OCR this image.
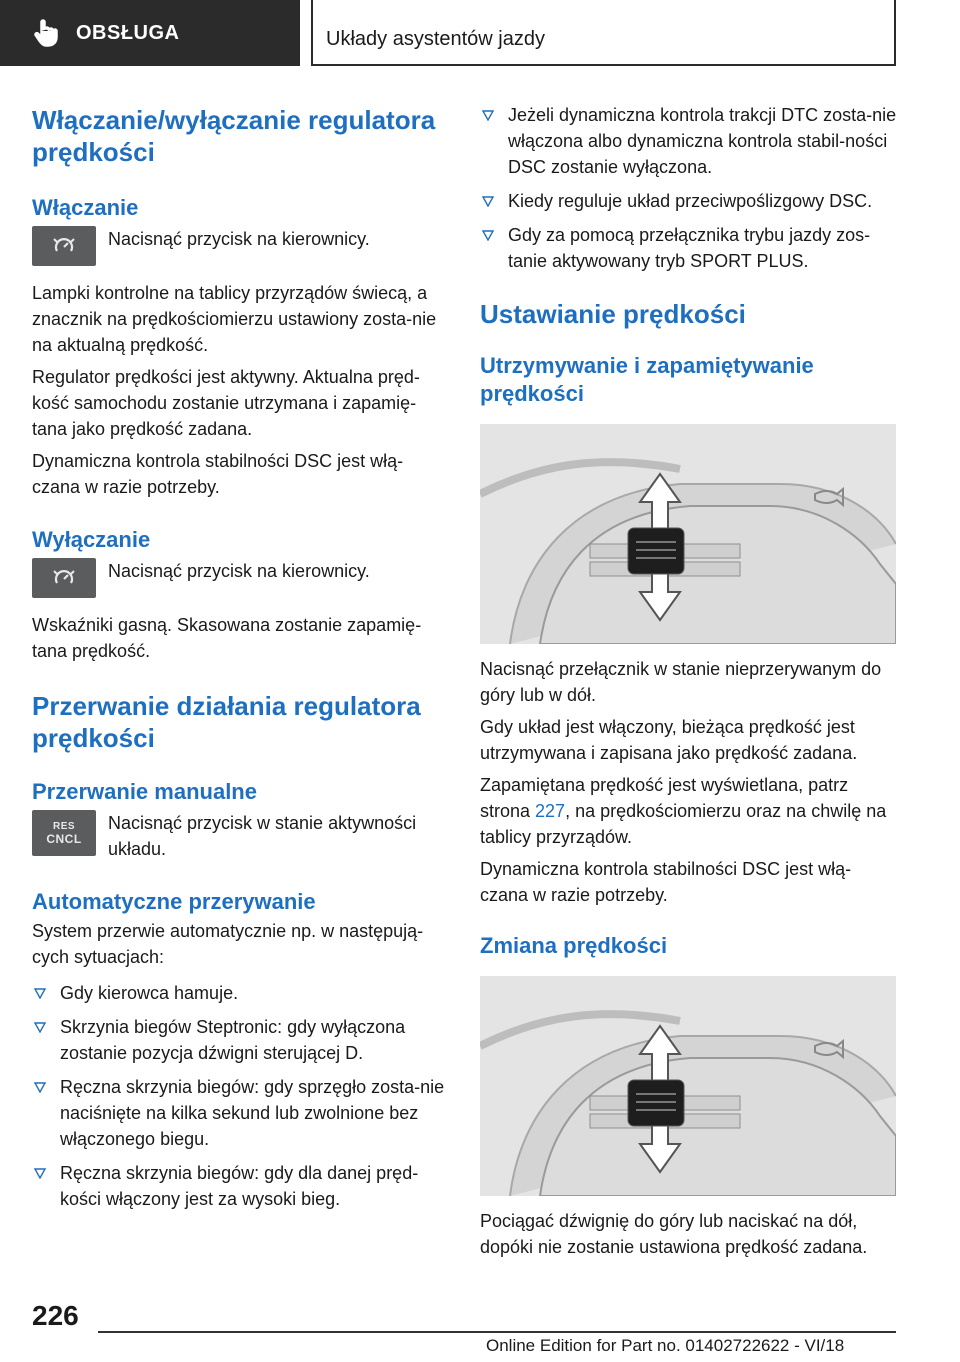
OBSŁUGA	Układy asystentów jazdy
Włączanie/wyłączanie regulatora prędkości
Włączanie

Nacisnąć przycisk na kierownicy.

Lampki kontrolne na tablicy przyrządów świecą, a znacznik na prędkościomierzu ustawiony zosta-nie na aktualną prędkość.

Regulator prędkości jest aktywny. Aktualna pręd-kość samochodu zostanie utrzymana i zapamię-tana jako prędkość zadana.

Dynamiczna kontrola stabilności DSC jest włą-czana w razie potrzeby.

Wyłączanie

Nacisnąć przycisk na kierownicy.

Wskaźniki gasną. Skasowana zostanie zapamię-tana prędkość.

Przerwanie działania regulatora prędkości
Przerwanie manualne
RES
CNCL

Nacisnąć przycisk w stanie aktywności układu.

Automatyczne przerywanie

System przerwie automatycznie np. w następują-cych sytuacjach:

Gdy kierowca hamuje.
Skrzynia biegów Steptronic: gdy wyłączona zostanie pozycja dźwigni sterującej D.
Ręczna skrzynia biegów: gdy sprzęgło zosta-nie naciśnięte na kilka sekund lub zwolnione bez włączonego biegu.
Ręczna skrzynia biegów: gdy dla danej pręd-kości włączony jest za wysoki bieg.
Jeżeli dynamiczna kontrola trakcji DTC zosta-nie włączona albo dynamiczna kontrola stabil-ności DSC zostanie wyłączona.
Kiedy reguluje układ przeciwpoślizgowy DSC.
Gdy za pomocą przełącznika trybu jazdy zos-tanie aktywowany tryb SPORT PLUS.
Ustawianie prędkości
Utrzymywanie i zapamiętywanie prędkości

Nacisnąć przełącznik w stanie nieprzerywanym do góry lub w dół.

Gdy układ jest włączony, bieżąca prędkość jest utrzymywana i zapisana jako prędkość zadana.

Zapamiętana prędkość jest wyświetlana, patrz strona 227, na prędkościomierzu oraz na chwilę na tablicy przyrządów.

Dynamiczna kontrola stabilności DSC jest włą-czana w razie potrzeby.

Zmiana prędkości

Pociągać dźwignię do góry lub naciskać na dół, dopóki nie zostanie ustawiona prędkość zadana.

226
Online Edition for Part no. 01402722622 - VI/18
